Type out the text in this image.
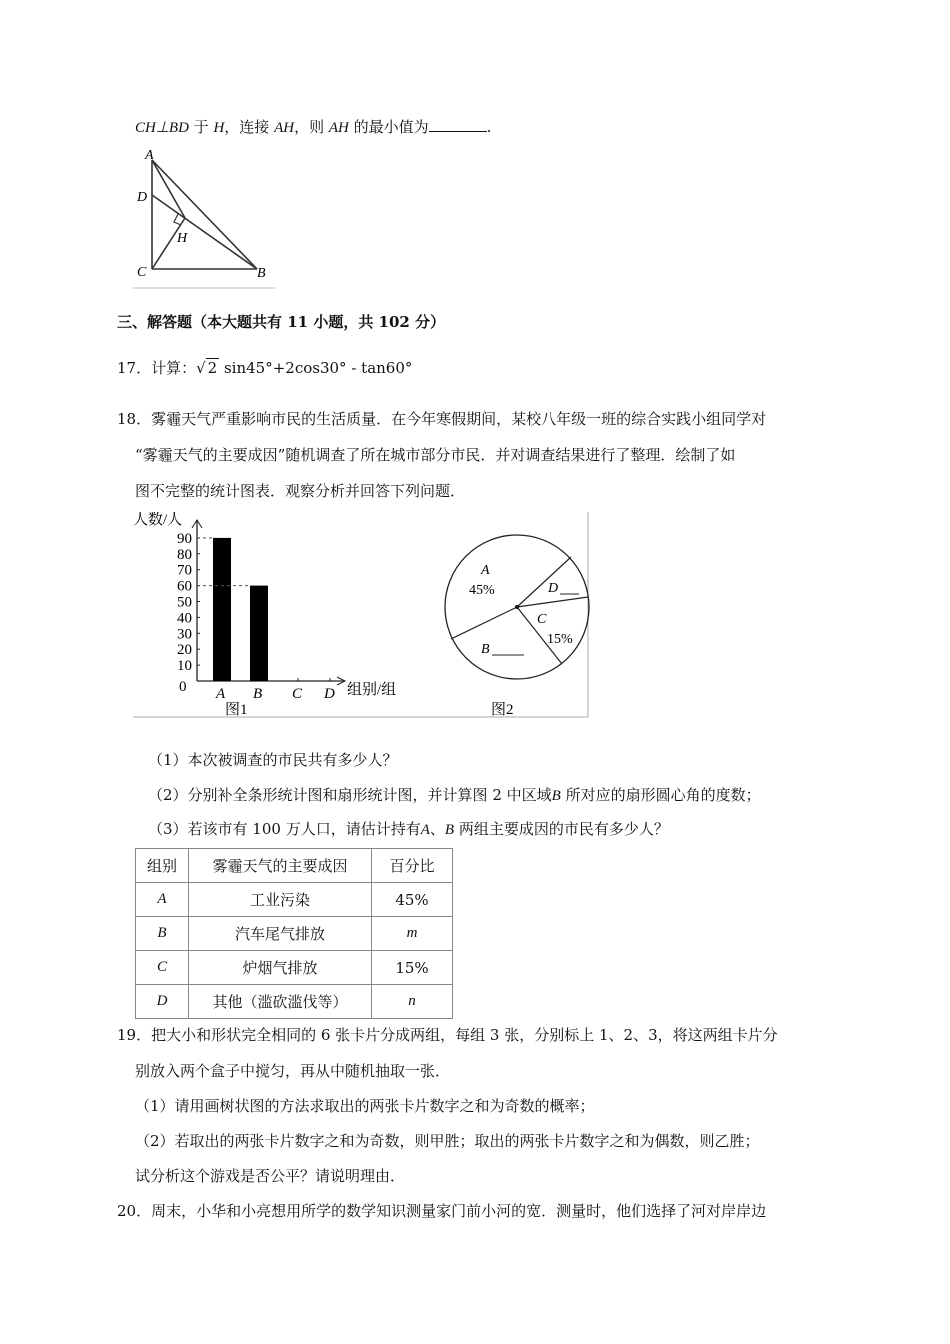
CH⊥BD 于 H，连接 AH，则 AH 的最小值为	.
A
D
H
C	B
三、解答题（本大题共有 11 小题，共 102 分）
17．计算：√ 2 sin45°+2cos30° - tan60°
18．雾霾天气严重影响市民的生活质量．在今年寒假期间，某校八年级一班的综合实践小组同学对
“雾霾天气的主要成因”随机调查了所在城市部分市民．并对调查结果进行了整理．绘制了如
图不完整的统计图表．观察分析并回答下列问题．
人数/人
组别/组
图1
0
10
20
30
40
50
60
70
80
90
A B C D
A
45%
B
C
15%
D
图2
（1）本次被调查的市民共有多少人？
（2）分别补全条形统计图和扇形统计图，并计算图 2 中区域B 所对应的扇形圆心角的度数；
（3）若该市有 100 万人口，请估计持有A、B 两组主要成因的市民有多少人？
组别	雾霾天气的主要成因	百分比
A	工业污染	45%
B	汽车尾气排放	m
C	炉烟气排放	15%
D	其他（滥砍滥伐等）	n
19．把大小和形状完全相同的 6 张卡片分成两组，每组 3 张，分别标上 1、2、3，将这两组卡片分
别放入两个盒子中搅匀，再从中随机抽取一张．
（1）请用画树状图的方法求取出的两张卡片数字之和为奇数的概率；
（2）若取出的两张卡片数字之和为奇数，则甲胜；取出的两张卡片数字之和为偶数，则乙胜；
试分析这个游戏是否公平？请说明理由．
20．周末，小华和小亮想用所学的数学知识测量家门前小河的宽．测量时，他们选择了河对岸岸边
